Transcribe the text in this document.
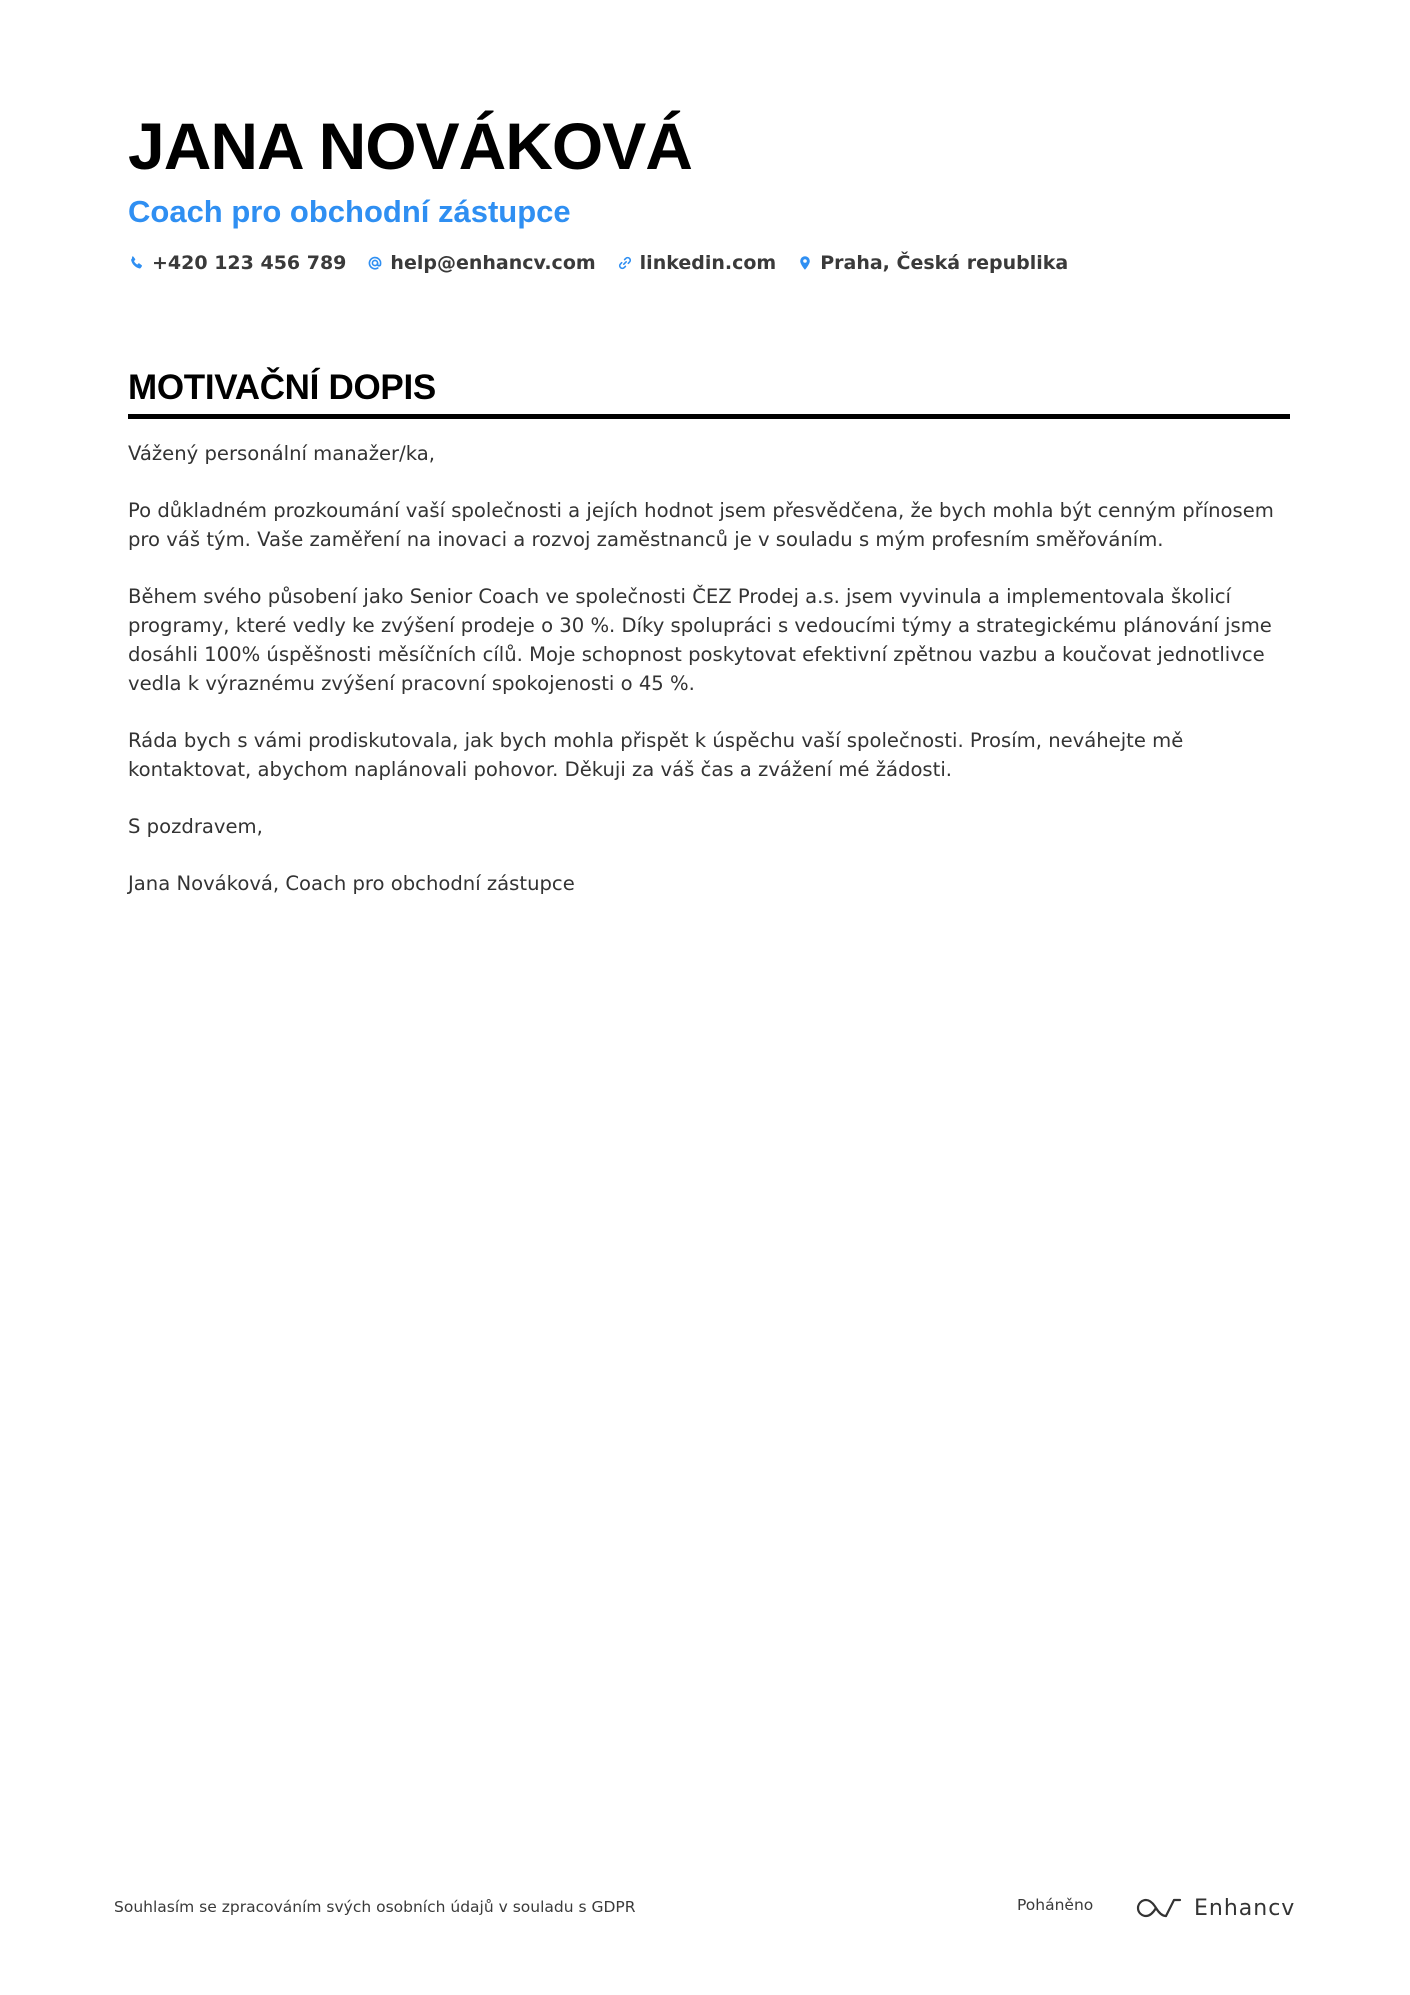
JANA NOVÁKOVÁ
Coach pro obchodní zástupce
+420 123 456 789 help@enhancv.com linkedin.com Praha, Česká republika
MOTIVAČNÍ DOPIS

Vážený personální manažer/ka,

Po důkladném prozkoumání vaší společnosti a jejích hodnot jsem přesvědčena, že bych mohla být cenným přínosem pro váš tým. Vaše zaměření na inovaci a rozvoj zaměstnanců je v souladu s mým profesním směřováním.

Během svého působení jako Senior Coach ve společnosti ČEZ Prodej a.s. jsem vyvinula a implementovala školicí programy, které vedly ke zvýšení prodeje o 30 %. Díky spolupráci s vedoucími týmy a strategickému plánování jsme dosáhli 100% úspěšnosti měsíčních cílů. Moje schopnost poskytovat efektivní zpětnou vazbu a koučovat jednotlivce vedla k výraznému zvýšení pracovní spokojenosti o 45 %.

Ráda bych s vámi prodiskutovala, jak bych mohla přispět k úspěchu vaší společnosti. Prosím, neváhejte mě kontaktovat, abychom naplánovali pohovor. Děkuji za váš čas a zvážení mé žádosti.

S pozdravem,

Jana Nováková, Coach pro obchodní zástupce

Souhlasím se zpracováním svých osobních údajů v souladu s GDPR	Poháněno	Enhancv
